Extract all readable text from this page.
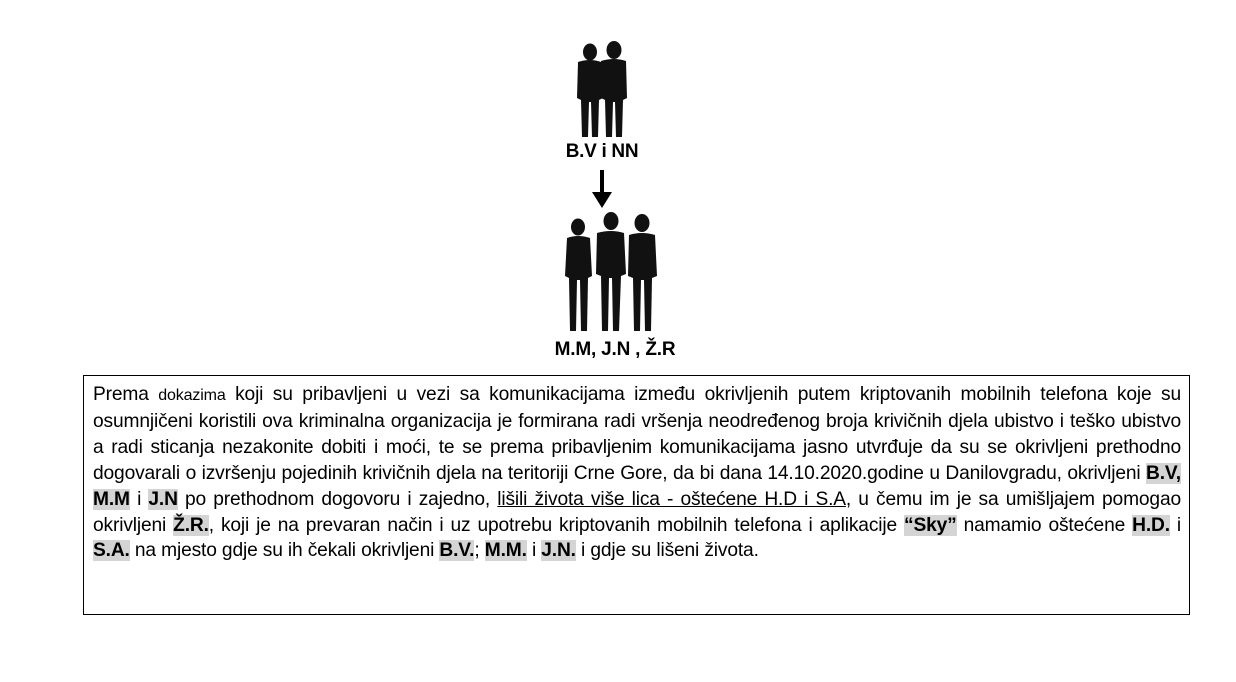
B.V i NN
M.M, J.N , Ž.R

Prema dokazima koji su pribavljeni u vezi sa komunikacijama između okrivljenih putem kriptovanih mobilnih telefona koje su osumnjičeni koristili ova kriminalna organizacija je formirana radi vršenja neodređenog broja krivičnih djela ubistvo i teško ubistvo a radi sticanja nezakonite dobiti i moći, te se prema pribavljenim komunikacijama jasno utvrđuje da su se okrivljeni prethodno dogovarali o izvršenju pojedinih krivičnih djela na teritoriji Crne Gore, da bi dana 14.10.2020.godine u Danilovgradu, okrivljeni B.V, M.M i J.N po prethodnom dogovoru i zajedno, lišili života više lica - oštećene H.D i S.A, u čemu im je sa umišljajem pomogao okrivljeni Ž.R., koji je na prevaran način i uz upotrebu kriptovanih mobilnih telefona i aplikacije “Sky” namamio oštećene H.D. i S.A. na mjesto gdje su ih čekali okrivljeni B.V.; M.M. i J.N. i gdje su lišeni života.
